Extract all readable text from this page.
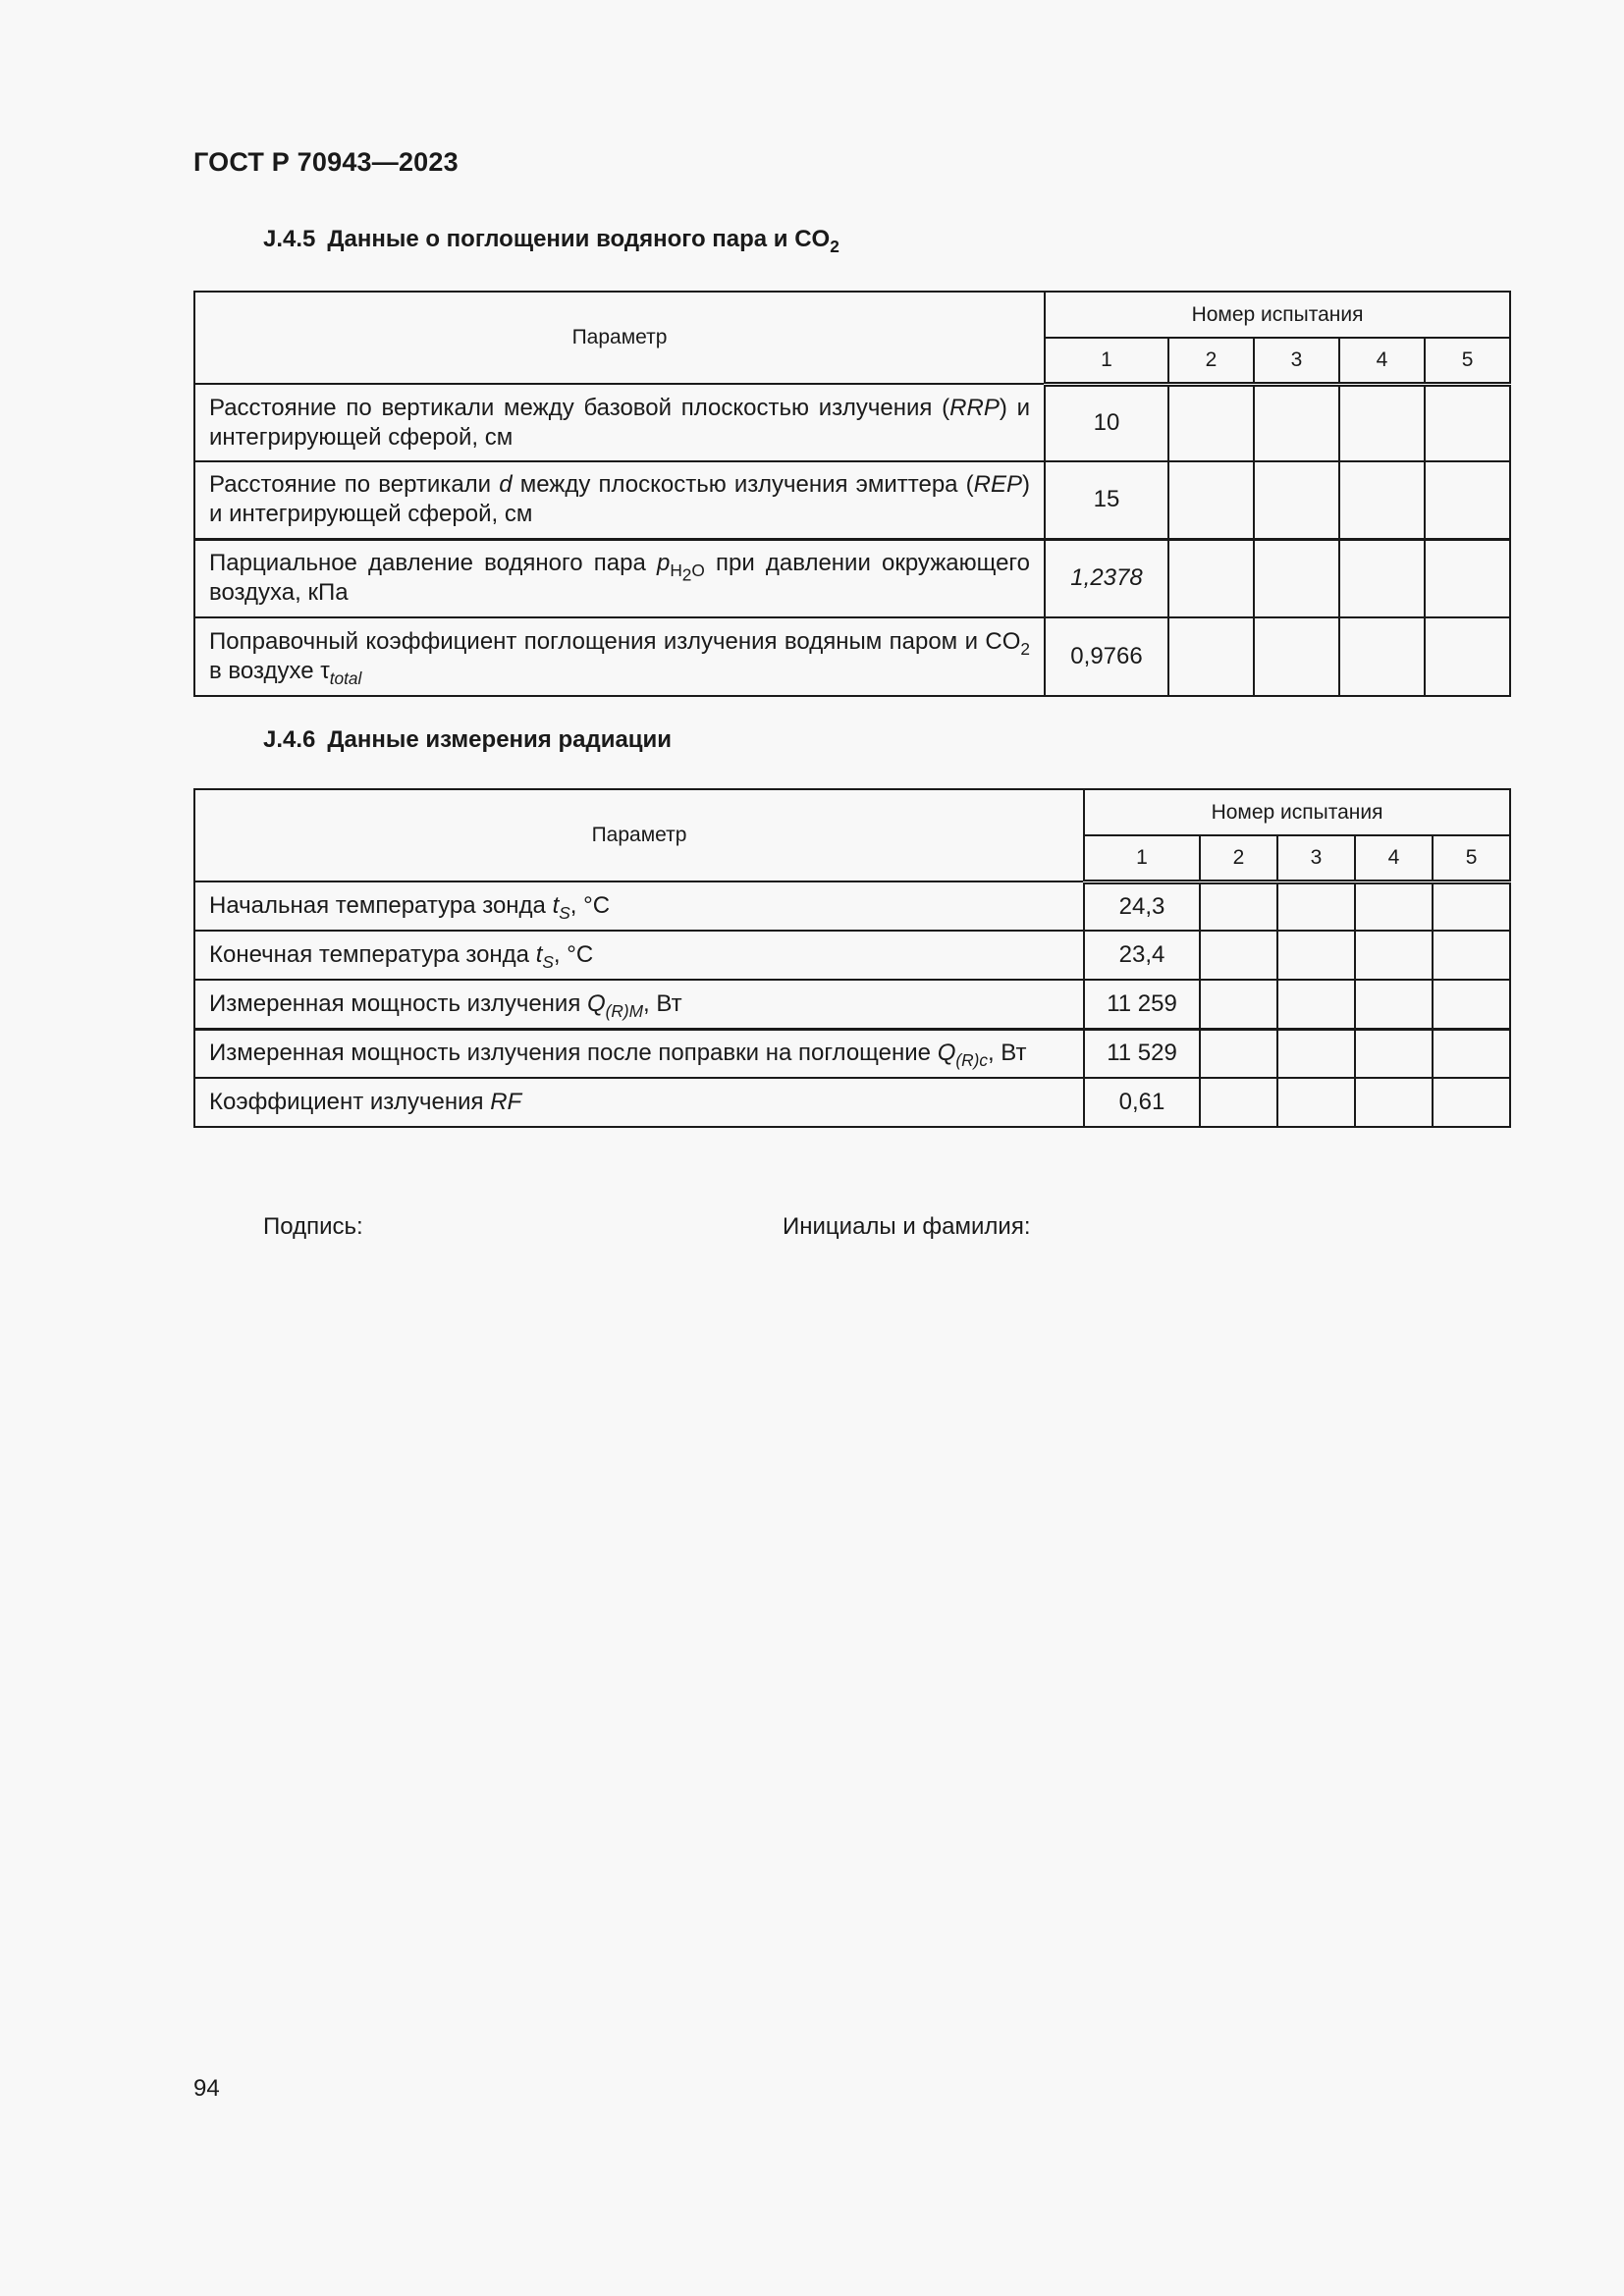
ГОСТ Р 70943—2023
J.4.5 Данные о поглощении водяного пара и $CO_2$
Параметр	Номер испытания				
	1	2	3	4	5
Расстояние по вертикали между базовой плоскостью излучения (RRP) и интегрирующей сферой, см	10				
Расстояние по вертикали d между плоскостью излучения эмиттера (REP) и интегрирующей сферой, см	15				
Парциальное давление водяного пара $p_{H2O}$ при давлении окружающего воздуха, кПа	1,2378				
Поправочный коэффициент поглощения излучения водяным паром и $CO_2$ в воздухе $\tau_{total}$	0,9766				
J.4.6 Данные измерения радиации
Параметр	Номер испытания				
	1	2	3	4	5
Начальная температура зонда $t_S$, °C	24,3				
Конечная температура зонда $t_S$, °C	23,4				
Измеренная мощность излучения $Q_{(R)M}$, Вт	11 259				
Измеренная мощность излучения после поправки на поглощение $Q_{(R)c}$, Вт	11 529				
Коэффициент излучения RF	0,61				
Подпись:	Инициалы и фамилия:
94
